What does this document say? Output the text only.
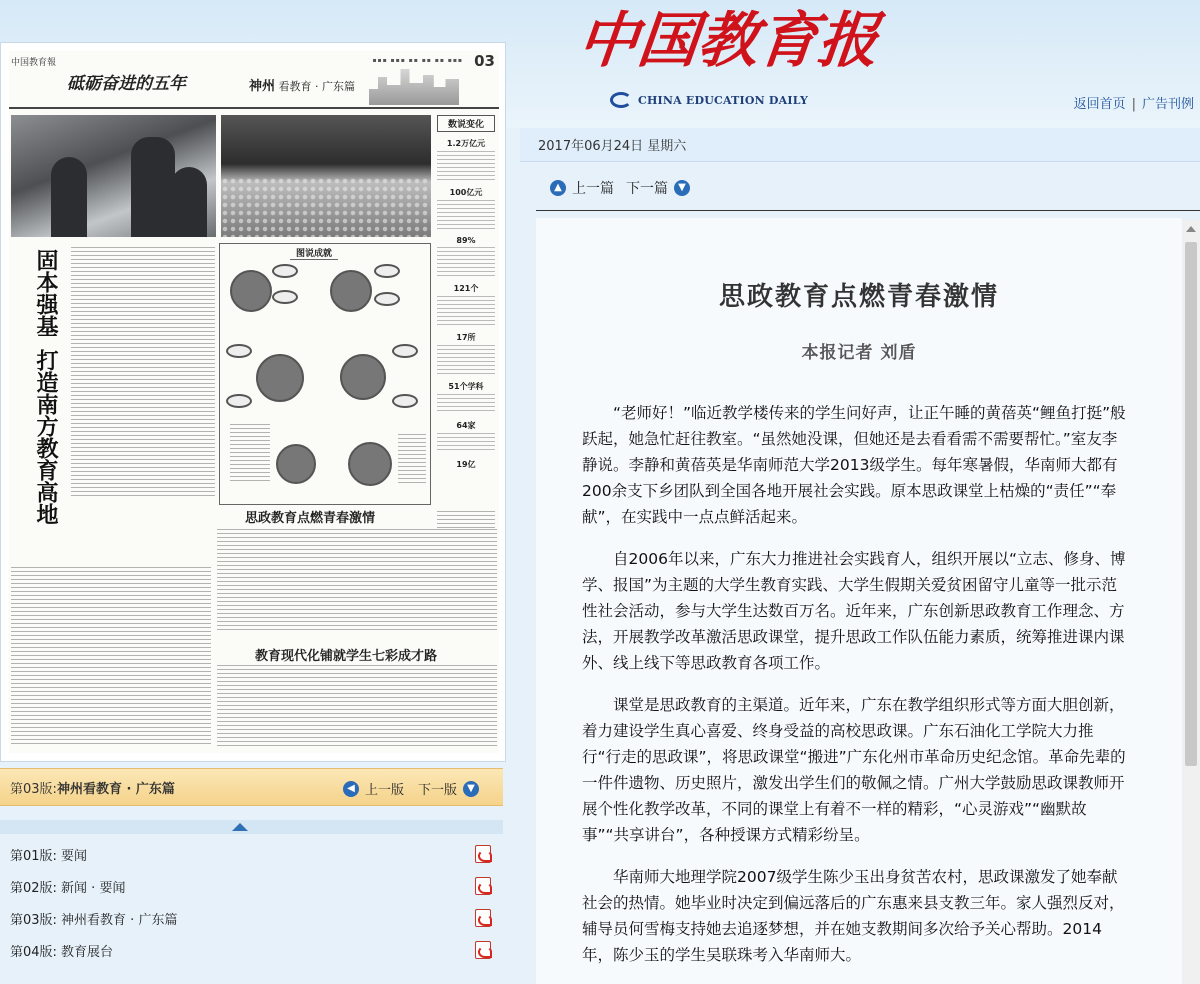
中国教育报
CHINA EDUCATION DAILY	返回首页 | 广告刊例
中国教育報	▪▪▪ ▪▪▪ ▪▪ ▪▪ ▪▪ ▪▪▪ 03
砥砺奋进的五年	神州 看教育 · 广东篇
数说变化
1.2万亿元
100亿元
89%
121个
17所
51个学科
64家
19亿
固本强基
打造南方教育高地
图说成就
思政教育点燃青春激情
教育现代化铺就学生七彩成才路
第03版: 神州看教育 · 广东篇	◀ 上一版 下一版	▼
第01版: 要闻
第02版: 新闻 · 要闻
第03版: 神州看教育 · 广东篇
第04版: 教育展台
2017年06月24日 星期六
▲ 上一篇 下一篇	▼
思政教育点燃青春激情
本报记者 刘盾

“老师好！”临近教学楼传来的学生问好声，让正午睡的黄蓓英“鲤鱼打挺”般跃起，她急忙赶往教室。“虽然她没课，但她还是去看看需不需要帮忙。”室友李静说。李静和黄蓓英是华南师范大学2013级学生。每年寒暑假，华南师大都有200余支下乡团队到全国各地开展社会实践。原本思政课堂上枯燥的“责任”“奉献”，在实践中一点点鲜活起来。

自2006年以来，广东大力推进社会实践育人，组织开展以“立志、修身、博学、报国”为主题的大学生教育实践、大学生假期关爱贫困留守儿童等一批示范性社会活动，参与大学生达数百万名。近年来，广东创新思政教育工作理念、方法，开展教学改革激活思政课堂，提升思政工作队伍能力素质，统筹推进课内课外、线上线下等思政教育各项工作。

课堂是思政教育的主渠道。近年来，广东在教学组织形式等方面大胆创新，着力建设学生真心喜爱、终身受益的高校思政课。广东石油化工学院大力推行“行走的思政课”，将思政课堂“搬进”广东化州市革命历史纪念馆。革命先辈的一件件遗物、历史照片，激发出学生们的敬佩之情。广州大学鼓励思政课教师开展个性化教学改革，不同的课堂上有着不一样的精彩，“心灵游戏”“幽默故事”“共享讲台”，各种授课方式精彩纷呈。

华南师大地理学院2007级学生陈少玉出身贫苦农村，思政课激发了她奉献社会的热情。她毕业时决定到偏远落后的广东惠来县支教三年。家人强烈反对，辅导员何雪梅支持她去追逐梦想，并在她支教期间多次给予关心帮助。2014年，陈少玉的学生吴联珠考入华南师大。
